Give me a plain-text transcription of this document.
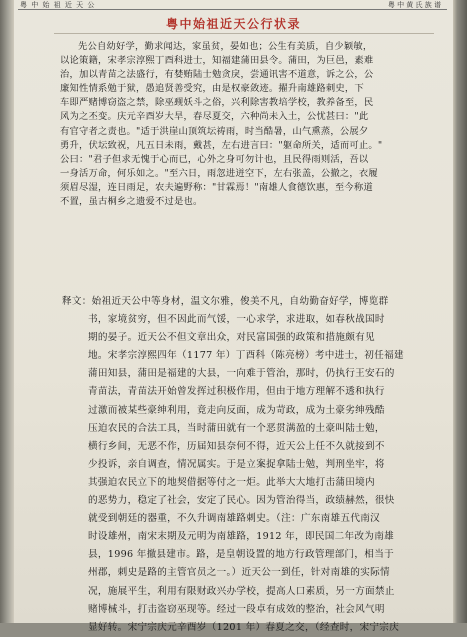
粤 中 始 祖 近 天 公	粤 中 黄 氏 族 谱
粤中始祖近天公行状录
先公自幼好学，勤求闻达，家虽贫，晏如也；公生有美质，自少颖敏，
以论策籍，宋孝宗淳熙丁酉科进士，知福建蒲田县令。蒲田，为巨邑，素难
治，加以青苗之法盛行，有婪贿陆士勉贪戾，尝通讯害不道意，诉之公，公
廉知性情系勉于狱，愚追贤善受究，由是权豪敛迹。擢升南雄路刺史，下
车即严赌博窃盗之禁，除巫觋妖斗之俗，兴利除害教培学校，教养备至，民
风为之丕变。庆元辛酉岁大旱，春尽夏交，六种尚未入土，公忧甚曰："此
有官守者之责也。"适于洪崖山顶筑坛祷雨，时当酷暑，山气熏蒸，公展夕
勇升，伏坛致祝，凡五日未雨，戴甚，左右进言曰："躯命所关，适而可止。"
公曰："君子但求无愧于心而已，心外之身可勿计也，且民得雨则活，吾以
一身活万命，何乐如之。"至六日，雨忽进迸空下，左右张盖，公撤之，衣履
须眉尽湿，连日雨足，农夫遍野称："甘霖焉！"南雄人食德饮惠，至今称道
不置，虽古桐乡之遗爱不过是也。
释文：始祖近天公中等身材，温文尔雅，俊美不凡，自幼勤奋好学，博览群
书，家境贫穷，但不因此而气馁，一心求学，求进取，如春秋战国时
期的晏子。近天公不但文章出众，对民富国强的政策和措施颇有见
地。宋孝宗淳熙四年（1177 年）丁酉科（陈亮榜）考中进士，初任福建
蒲田知县，蒲田是福建的大县，一向难于管治，那时，仍执行王安石的
青苗法，青苗法开始曾发挥过积极作用，但由于地方理解不透和执行
过激而被某些豪绅利用，竟走向反面，成为苛政，成为土豪劣绅残酷
压迫农民的合法工具，当时蒲田就有一个恶贯满盈的土豪叫陆士勉，
横行乡间，无恶不作，历届知县奈何不得，近天公上任不久就接到不
少投诉，亲自调查，情况属实。于是立案捉拿陆士勉，判刑坐牢，将
其强迫农民立下的地契借据等付之一炬。此举大大地打击蒲田境内
的恶势力，稳定了社会，安定了民心。因为管治得当，政绩赫然，很快
就受到朝廷的器重，不久升调南雄路刺史。（注：广东南雄五代南汉
时设雄州，南宋末期及元明为南雄路，1912 年，即民国二年改为南雄
县，1996 年撤县建市。路，是皇朝设置的地方行政管理部门，相当于
州郡，刺史是路的主管官员之一。）近天公一到任，针对南雄的实际情
况，施展平生，利用有限财政兴办学校，提高人口素质，另一方面禁止
赌博械斗，打击盗窃巫现等。经过一段卓有成效的整治，社会风气明
显好转。宋宁宗庆元辛酉岁（1201 年）春夏之交，（经查时，宋宁宗庆
